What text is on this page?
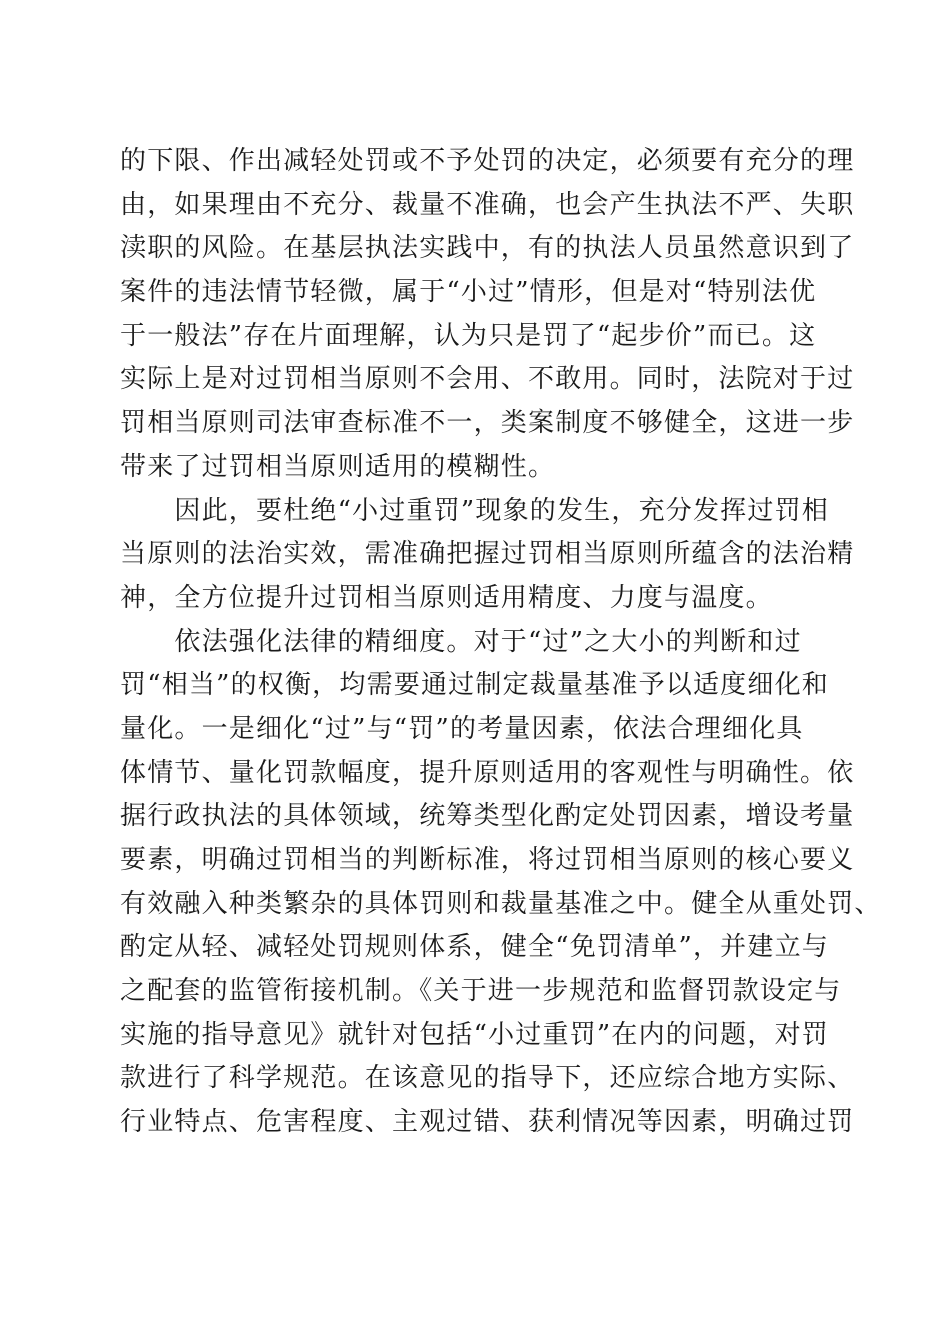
的下限、作出减轻处罚或不予处罚的决定，必须要有充分的理
由，如果理由不充分、裁量不准确，也会产生执法不严、失职
渎职的风险。在基层执法实践中，有的执法人员虽然意识到了
案件的违法情节轻微，属于“小过”情形，但是对“特别法优
于一般法”存在片面理解，认为只是罚了“起步价”而已。这
实际上是对过罚相当原则不会用、不敢用。同时，法院对于过
罚相当原则司法审查标准不一，类案制度不够健全，这进一步
带来了过罚相当原则适用的模糊性。
　　因此，要杜绝“小过重罚”现象的发生，充分发挥过罚相
当原则的法治实效，需准确把握过罚相当原则所蕴含的法治精
神，全方位提升过罚相当原则适用精度、力度与温度。
　　依法强化法律的精细度。对于“过”之大小的判断和过
罚“相当”的权衡，均需要通过制定裁量基准予以适度细化和
量化。一是细化“过”与“罚”的考量因素，依法合理细化具
体情节、量化罚款幅度，提升原则适用的客观性与明确性。依
据行政执法的具体领域，统筹类型化酌定处罚因素，增设考量
要素，明确过罚相当的判断标准，将过罚相当原则的核心要义
有效融入种类繁杂的具体罚则和裁量基准之中。健全从重处罚、
酌定从轻、减轻处罚规则体系，健全“免罚清单”，并建立与
之配套的监管衔接机制。《关于进一步规范和监督罚款设定与
实施的指导意见》就针对包括“小过重罚”在内的问题，对罚
款进行了科学规范。在该意见的指导下，还应综合地方实际、
行业特点、危害程度、主观过错、获利情况等因素，明确过罚
